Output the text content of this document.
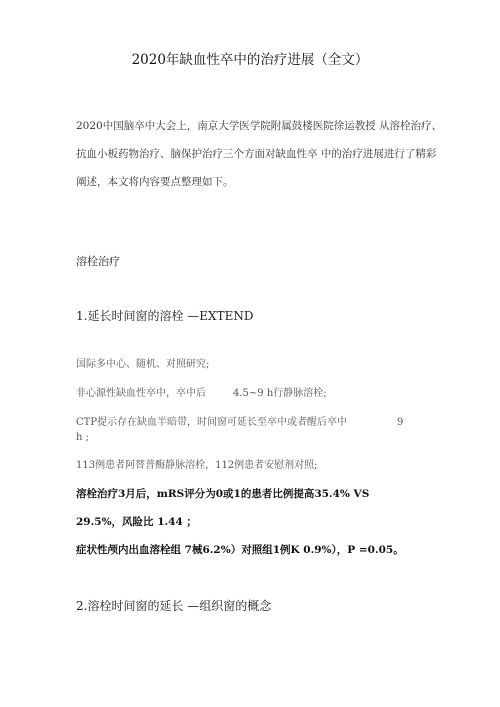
2020年缺血性卒中的治疗进展（全文）
2020中国脑卒中大会上，南京大学医学院附属鼓楼医院徐运教授 从溶栓治疗、
抗血小板药物治疗、脑保护治疗三个方面对缺血性卒 中的治疗进展进行了精彩
阐述，本文将内容要点整理如下。
溶栓治疗
1.延长时间窗的溶栓 —EXTEND
国际多中心、随机、对照研究;
非心源性缺血性卒中，卒中后	4.5~9 h行静脉溶栓;
CTP提示存在缺血半暗带，时间窗可延长至卒中或者醒后卒中	9
h ;
113例患者阿替普酶静脉溶栓，112例患者安慰剂对照;
溶栓治疗3月后，mRS评分为0或1的患者比例提高35.4% VS
29.5%，风险比 1.44 ；
症状性颅内出血溶栓组 7械6.2%）对照组1例K 0.9%），P =0.05。
2.溶栓时间窗的延长 —组织窗的概念
